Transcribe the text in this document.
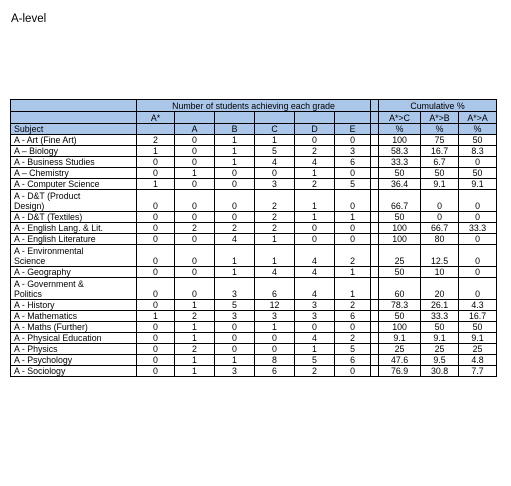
A-level
	Number of students achieving each grade							Cumulative %		
	A*							A*>C	A*>B	A*>A
Subject		A	B	C	D	E		%	%	%
A - Art (Fine Art)	2	0	1	1	0	0		100	75	50
A – Biology	1	0	1	5	2	3		58.3	16.7	8.3
A - Business Studies	0	0	1	4	4	6		33.3	6.7	0
A – Chemistry	0	1	0	0	1	0		50	50	50
A - Computer Science	1	0	0	3	2	5		36.4	9.1	9.1
A - D&T (Product
Design)	0	0	0	2	1	0		66.7	0	0
A - D&T (Textiles)	0	0	0	2	1	1		50	0	0
A - English Lang. & Lit.	0	2	2	2	0	0		100	66.7	33.3
A - English Literature	0	0	4	1	0	0		100	80	0
A - Environmental
Science	0	0	1	1	4	2		25	12.5	0
A - Geography	0	0	1	4	4	1		50	10	0
A - Government &
Politics	0	0	3	6	4	1		60	20	0
A - History	0	1	5	12	3	2		78.3	26.1	4.3
A - Mathematics	1	2	3	3	3	6		50	33.3	16.7
A - Maths (Further)	0	1	0	1	0	0		100	50	50
A - Physical Education	0	1	0	0	4	2		9.1	9.1	9.1
A - Physics	0	2	0	0	1	5		25	25	25
A - Psychology	0	1	1	8	5	6		47.6	9.5	4.8
A - Sociology	0	1	3	6	2	0		76.9	30.8	7.7
